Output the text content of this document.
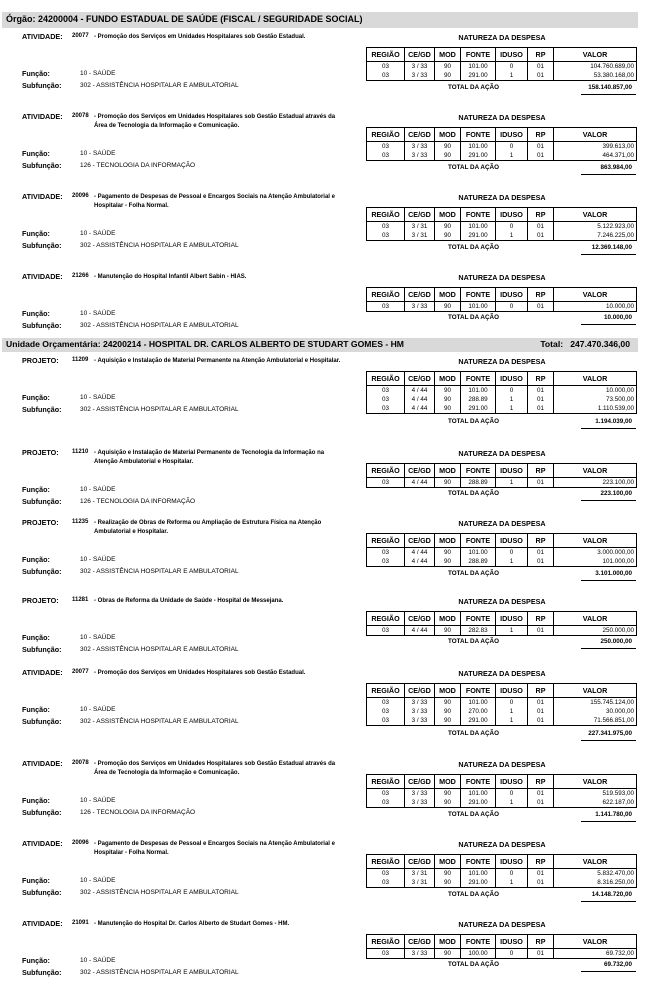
Órgão: 24200004 - FUNDO ESTADUAL DE SAÚDE (FISCAL / SEGURIDADE SOCIAL)
Unidade Orçamentária: 24200214 - HOSPITAL DR. CARLOS ALBERTO DE STUDART GOMES - HM	Total: 247.470.346,00
ATIVIDADE: 20077 - Promoção dos Serviços em Unidades Hospitalares sob Gestão Estadual.	NATUREZA DA DESPESA
Função:	10 - SAÚDE
Subfunção:	302 - ASSISTÊNCIA HOSPITALAR E AMBULATORIAL
REGIÃO	CE/GD	MOD	FONTE	IDUSO	RP	VALOR
03	3 / 33	90	101.00	0	01	104.760.689,00
03	3 / 33	90	291.00	1	01	53.380.168,00
TOTAL DA AÇÃO	158.140.857,00
ATIVIDADE: 20078 - Promoção dos Serviços em Unidades Hospitalares sob Gestão Estadual através da Área de Tecnologia da Informação e Comunicação.
NATUREZA DA DESPESA
Função:	10 - SAÚDE
Subfunção:	126 - TECNOLOGIA DA INFORMAÇÃO
REGIÃO	CE/GD	MOD	FONTE	IDUSO	RP	VALOR
03	3 / 33	90	101.00	0	01	399.613,00
03	3 / 33	90	291.00	1	01	464.371,00
TOTAL DA AÇÃO	863.984,00
ATIVIDADE: 20096 - Pagamento de Despesas de Pessoal e Encargos Sociais na Atenção Ambulatorial e Hospitalar - Folha Normal.
NATUREZA DA DESPESA
Função:	10 - SAÚDE
Subfunção:	302 - ASSISTÊNCIA HOSPITALAR E AMBULATORIAL
REGIÃO	CE/GD	MOD	FONTE	IDUSO	RP	VALOR
03	3 / 31	90	101.00	0	01	5.122.923,00
03	3 / 31	90	291.00	1	01	7.246.225,00
TOTAL DA AÇÃO	12.369.148,00
ATIVIDADE: 21266 - Manutenção do Hospital Infantil Albert Sabin - HIAS.	NATUREZA DA DESPESA
Função:	10 - SAÚDE
Subfunção:	302 - ASSISTÊNCIA HOSPITALAR E AMBULATORIAL
REGIÃO	CE/GD	MOD	FONTE	IDUSO	RP	VALOR
03	3 / 33	90	101.00	0	01	10.000,00
TOTAL DA AÇÃO	10.000,00
PROJETO: 11209 - Aquisição e Instalação de Material Permanente na Atenção Ambulatorial e Hospitalar.	NATUREZA DA DESPESA
Função:	10 - SAÚDE
Subfunção:	302 - ASSISTÊNCIA HOSPITALAR E AMBULATORIAL
REGIÃO	CE/GD	MOD	FONTE	IDUSO	RP	VALOR
03	4 / 44	90	101.00	0	01	10.000,00
03	4 / 44	90	288.89	1	01	73.500,00
03	4 / 44	90	291.00	1	01	1.110.539,00
TOTAL DA AÇÃO	1.194.039,00
PROJETO: 11210 - Aquisição e Instalação de Material Permanente de Tecnologia da Informação na Atenção Ambulatorial e Hospitalar.
NATUREZA DA DESPESA
Função:	10 - SAÚDE
Subfunção:	126 - TECNOLOGIA DA INFORMAÇÃO
REGIÃO	CE/GD	MOD	FONTE	IDUSO	RP	VALOR
03	4 / 44	90	288.89	1	01	223.100,00
TOTAL DA AÇÃO	223.100,00
PROJETO: 11235 - Realização de Obras de Reforma ou Ampliação de Estrutura Física na Atenção Ambulatorial e Hospitalar.
NATUREZA DA DESPESA
Função:	10 - SAÚDE
Subfunção:	302 - ASSISTÊNCIA HOSPITALAR E AMBULATORIAL
REGIÃO	CE/GD	MOD	FONTE	IDUSO	RP	VALOR
03	4 / 44	90	101.00	0	01	3.000.000,00
03	4 / 44	90	288.89	1	01	101.000,00
TOTAL DA AÇÃO	3.101.000,00
PROJETO: 11281 - Obras de Reforma da Unidade de Saúde - Hospital de Messejana.	NATUREZA DA DESPESA
Função:	10 - SAÚDE
Subfunção:	302 - ASSISTÊNCIA HOSPITALAR E AMBULATORIAL
REGIÃO	CE/GD	MOD	FONTE	IDUSO	RP	VALOR
03	4 / 44	90	282.83	1	01	250.000,00
TOTAL DA AÇÃO	250.000,00
ATIVIDADE: 20077 - Promoção dos Serviços em Unidades Hospitalares sob Gestão Estadual.	NATUREZA DA DESPESA
Função:	10 - SAÚDE
Subfunção:	302 - ASSISTÊNCIA HOSPITALAR E AMBULATORIAL
REGIÃO	CE/GD	MOD	FONTE	IDUSO	RP	VALOR
03	3 / 33	90	101.00	0	01	155.745.124,00
03	3 / 33	90	270.00	1	01	30.000,00
03	3 / 33	90	291.00	1	01	71.566.851,00
TOTAL DA AÇÃO	227.341.975,00
ATIVIDADE: 20078 - Promoção dos Serviços em Unidades Hospitalares sob Gestão Estadual através da Área de Tecnologia da Informação e Comunicação.
NATUREZA DA DESPESA
Função:	10 - SAÚDE
Subfunção:	126 - TECNOLOGIA DA INFORMAÇÃO
REGIÃO	CE/GD	MOD	FONTE	IDUSO	RP	VALOR
03	3 / 33	90	101.00	0	01	519.593,00
03	3 / 33	90	291.00	1	01	622.187,00
TOTAL DA AÇÃO	1.141.780,00
ATIVIDADE: 20096 - Pagamento de Despesas de Pessoal e Encargos Sociais na Atenção Ambulatorial e Hospitalar - Folha Normal.
NATUREZA DA DESPESA
Função:	10 - SAÚDE
Subfunção:	302 - ASSISTÊNCIA HOSPITALAR E AMBULATORIAL
REGIÃO	CE/GD	MOD	FONTE	IDUSO	RP	VALOR
03	3 / 31	90	101.00	0	01	5.832.470,00
03	3 / 31	90	291.00	1	01	8.316.250,00
TOTAL DA AÇÃO	14.148.720,00
ATIVIDADE: 21091 - Manutenção do Hospital Dr. Carlos Alberto de Studart Gomes - HM.	NATUREZA DA DESPESA
Função:	10 - SAÚDE
Subfunção:	302 - ASSISTÊNCIA HOSPITALAR E AMBULATORIAL
REGIÃO	CE/GD	MOD	FONTE	IDUSO	RP	VALOR
03	3 / 33	90	100.00	0	01	69.732,00
TOTAL DA AÇÃO	69.732,00
